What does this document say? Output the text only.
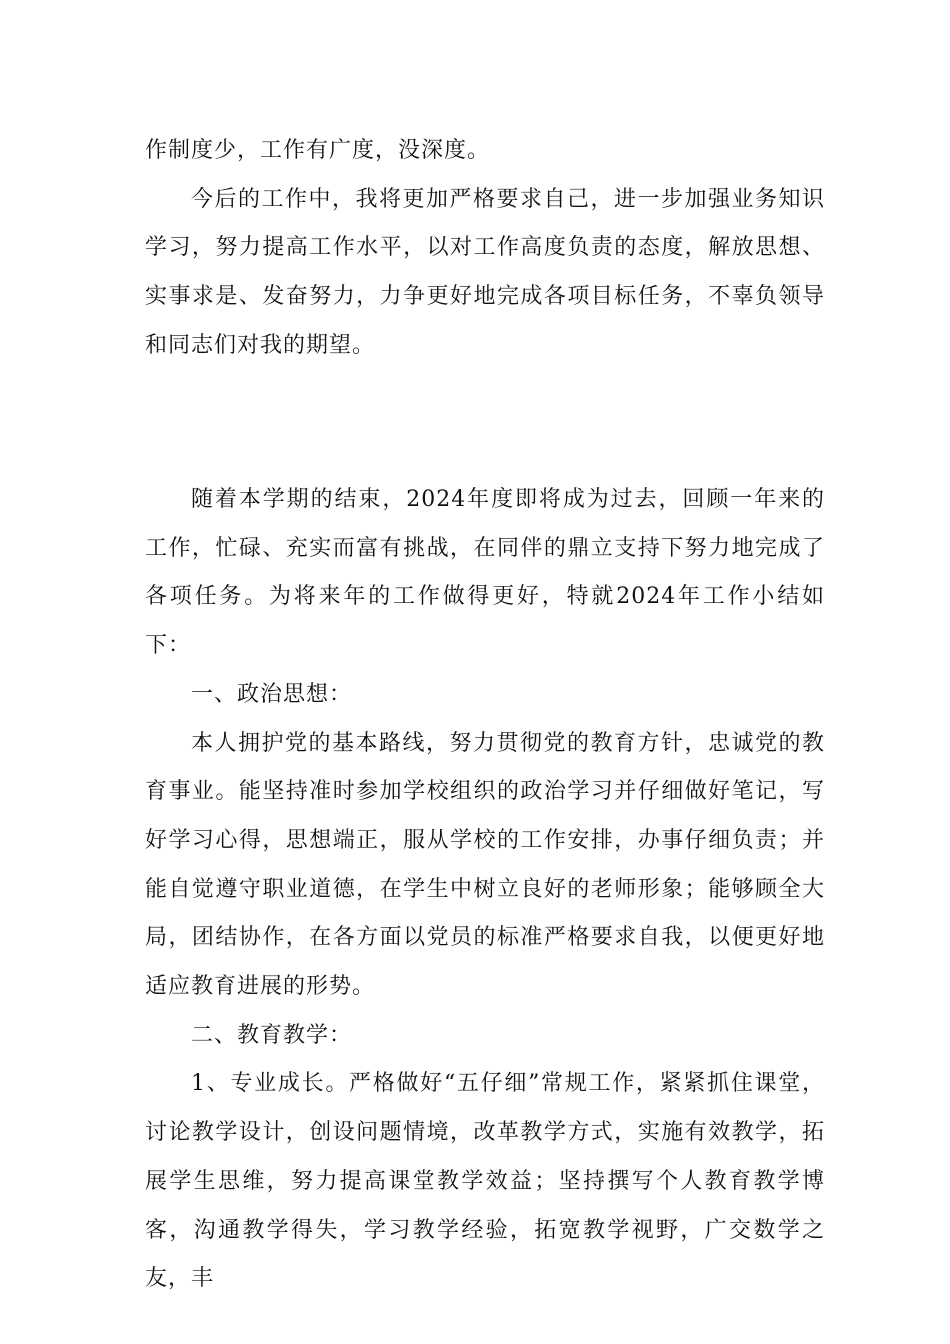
作制度少，工作有广度，没深度。

今后的工作中，我将更加严格要求自己，进一步加强业务知识学习，努力提高工作水平，以对工作高度负责的态度，解放思想、实事求是、发奋努力，力争更好地完成各项目标任务，不辜负领导和同志们对我的期望。

随着本学期的结束，2024年度即将成为过去，回顾一年来的工作，忙碌、充实而富有挑战，在同伴的鼎立支持下努力地完成了各项任务。为将来年的工作做得更好，特就2024年工作小结如下：

一、政治思想：

本人拥护党的基本路线，努力贯彻党的教育方针，忠诚党的教育事业。能坚持准时参加学校组织的政治学习并仔细做好笔记，写好学习心得，思想端正，服从学校的工作安排，办事仔细负责；并能自觉遵守职业道德，在学生中树立良好的老师形象；能够顾全大局，团结协作，在各方面以党员的标准严格要求自我，以便更好地适应教育进展的形势。

二、教育教学：

1、专业成长。严格做好“五仔细”常规工作，紧紧抓住课堂，讨论教学设计，创设问题情境，改革教学方式，实施有效教学，拓展学生思维，努力提高课堂教学效益；坚持撰写个人教育教学博客，沟通教学得失，学习教学经验，拓宽教学视野，广交数学之友，丰
